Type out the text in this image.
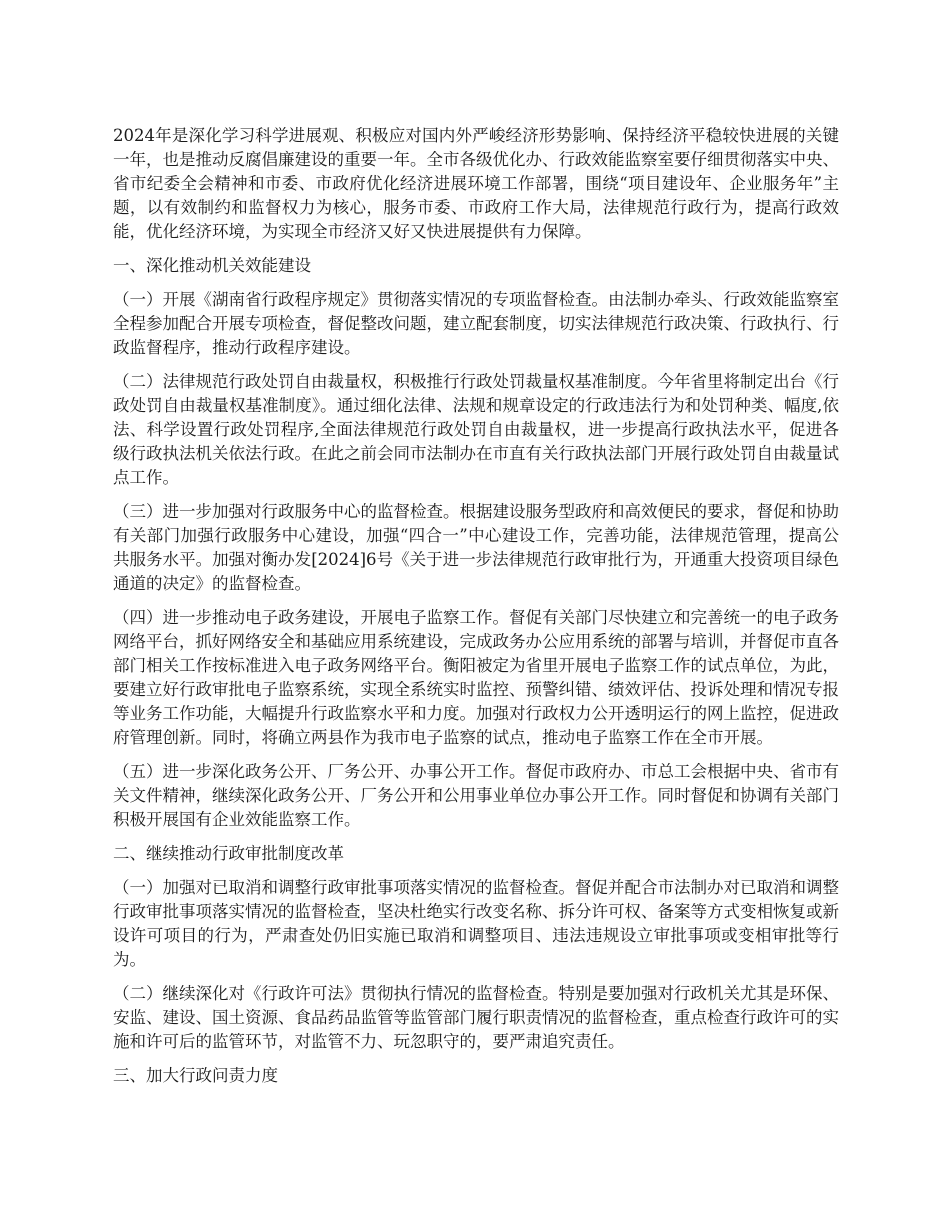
2024年是深化学习科学进展观、积极应对国内外严峻经济形势影响、保持经济平稳较快进展的关键一年，也是推动反腐倡廉建设的重要一年。全市各级优化办、行政效能监察室要仔细贯彻落实中央、省市纪委全会精神和市委、市政府优化经济进展环境工作部署，围绕“项目建设年、企业服务年”主题，以有效制约和监督权力为核心，服务市委、市政府工作大局，法律规范行政行为，提高行政效能，优化经济环境，为实现全市经济又好又快进展提供有力保障。

一、深化推动机关效能建设

（一）开展《湖南省行政程序规定》贯彻落实情况的专项监督检查。由法制办牵头、行政效能监察室全程参加配合开展专项检查，督促整改问题，建立配套制度，切实法律规范行政决策、行政执行、行政监督程序，推动行政程序建设。

（二）法律规范行政处罚自由裁量权，积极推行行政处罚裁量权基准制度。今年省里将制定出台《行政处罚自由裁量权基准制度》。通过细化法律、法规和规章设定的行政违法行为和处罚种类、幅度,依法、科学设置行政处罚程序,全面法律规范行政处罚自由裁量权，进一步提高行政执法水平，促进各级行政执法机关依法行政。在此之前会同市法制办在市直有关行政执法部门开展行政处罚自由裁量试点工作。

（三）进一步加强对行政服务中心的监督检查。根据建设服务型政府和高效便民的要求，督促和协助有关部门加强行政服务中心建设，加强“四合一”中心建设工作，完善功能，法律规范管理，提高公共服务水平。加强对衡办发[2024]6号《关于进一步法律规范行政审批行为，开通重大投资项目绿色通道的决定》的监督检查。

（四）进一步推动电子政务建设，开展电子监察工作。督促有关部门尽快建立和完善统一的电子政务网络平台，抓好网络安全和基础应用系统建设，完成政务办公应用系统的部署与培训，并督促市直各部门相关工作按标准进入电子政务网络平台。衡阳被定为省里开展电子监察工作的试点单位，为此，要建立好行政审批电子监察系统，实现全系统实时监控、预警纠错、绩效评估、投诉处理和情况专报等业务工作功能，大幅提升行政监察水平和力度。加强对行政权力公开透明运行的网上监控，促进政府管理创新。同时，将确立两县作为我市电子监察的试点，推动电子监察工作在全市开展。

（五）进一步深化政务公开、厂务公开、办事公开工作。督促市政府办、市总工会根据中央、省市有关文件精神，继续深化政务公开、厂务公开和公用事业单位办事公开工作。同时督促和协调有关部门积极开展国有企业效能监察工作。

二、继续推动行政审批制度改革

（一）加强对已取消和调整行政审批事项落实情况的监督检查。督促并配合市法制办对已取消和调整行政审批事项落实情况的监督检查，坚决杜绝实行改变名称、拆分许可权、备案等方式变相恢复或新设许可项目的行为，严肃查处仍旧实施已取消和调整项目、违法违规设立审批事项或变相审批等行为。

（二）继续深化对《行政许可法》贯彻执行情况的监督检查。特别是要加强对行政机关尤其是环保、安监、建设、国土资源、食品药品监管等监管部门履行职责情况的监督检查，重点检查行政许可的实施和许可后的监管环节，对监管不力、玩忽职守的，要严肃追究责任。

三、加大行政问责力度
